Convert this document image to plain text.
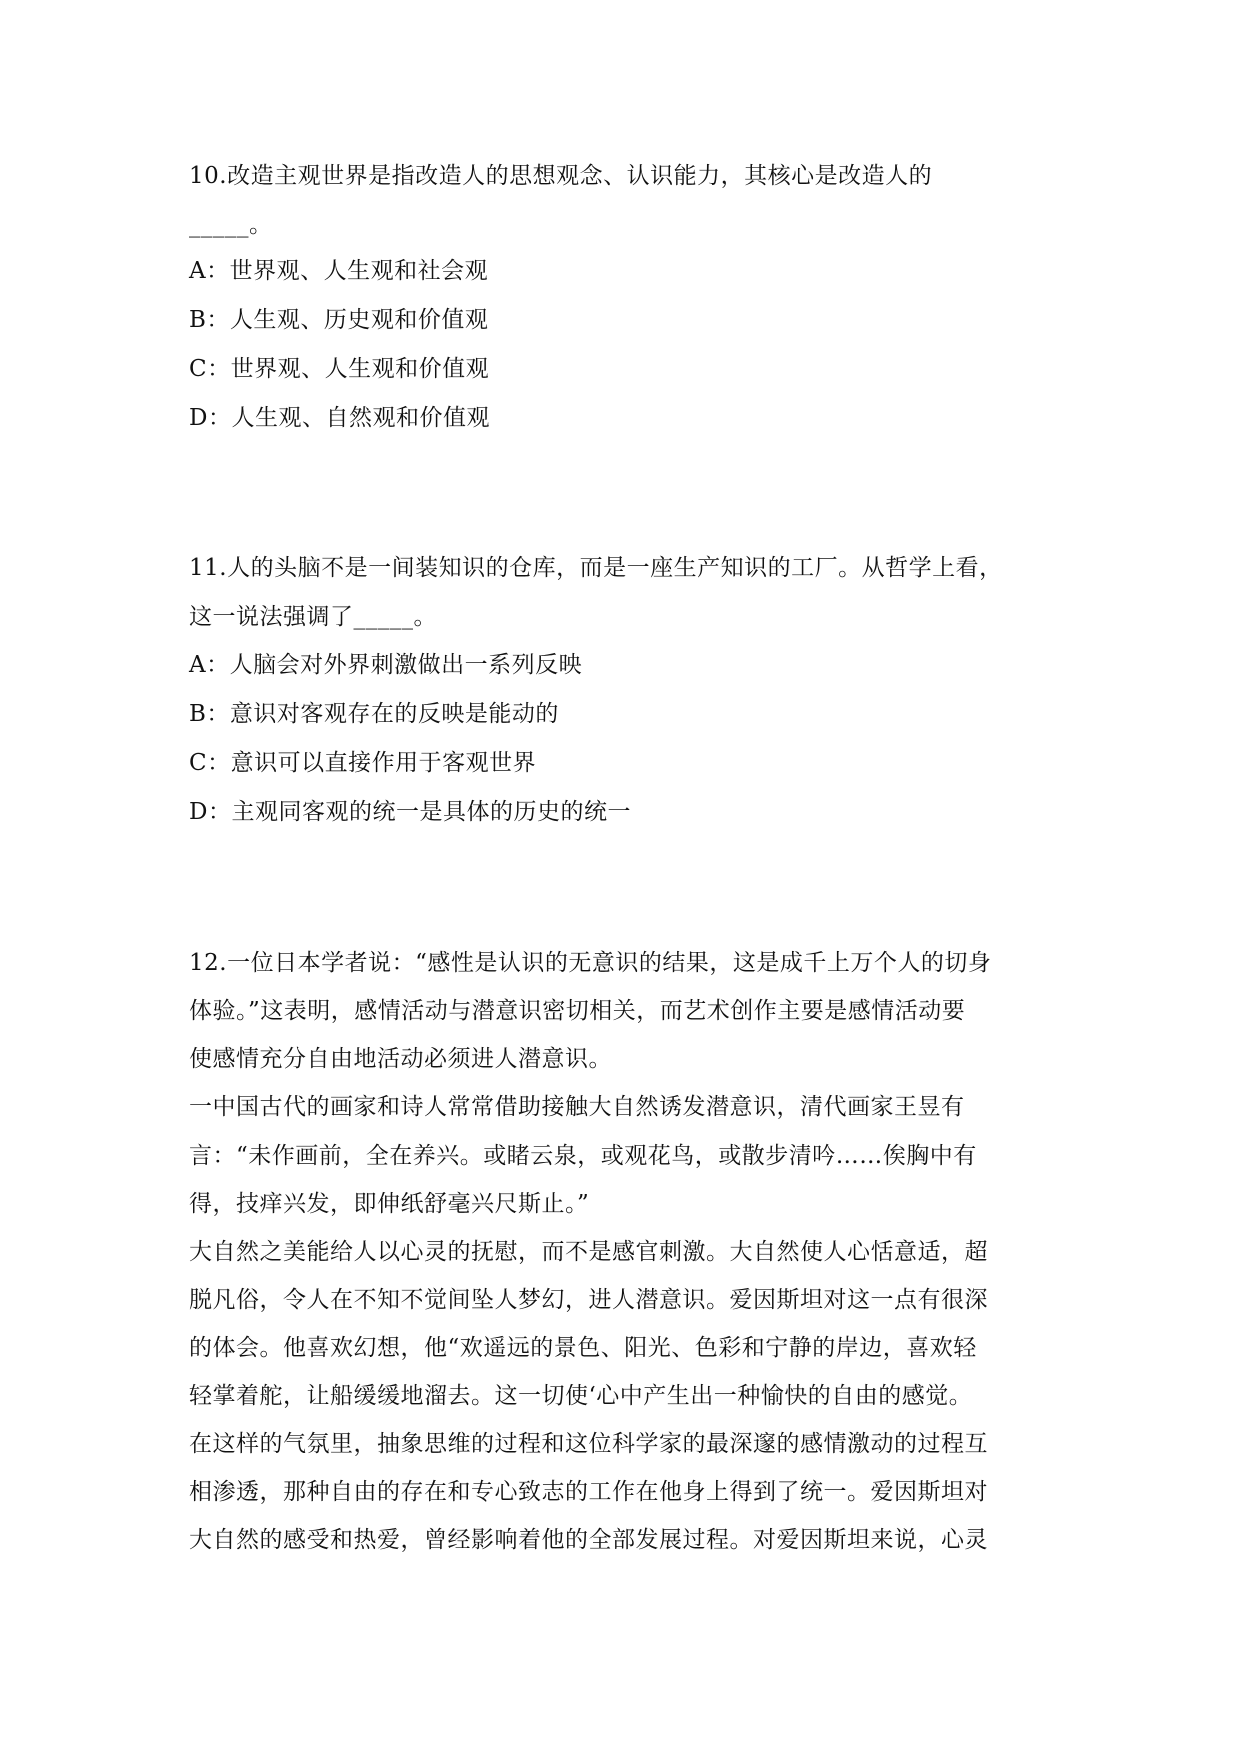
10.改造主观世界是指改造人的思想观念、认识能力，其核心是改造人的
_____。
A：世界观、人生观和社会观
B：人生观、历史观和价值观
C：世界观、人生观和价值观
D：人生观、自然观和价值观
11.人的头脑不是一间装知识的仓库，而是一座生产知识的工厂。从哲学上看，
这一说法强调了_____。
A：人脑会对外界刺激做出一系列反映
B：意识对客观存在的反映是能动的
C：意识可以直接作用于客观世界
D：主观同客观的统一是具体的历史的统一
12.一位日本学者说：“感性是认识的无意识的结果，这是成千上万个人的切身
体验。”这表明，感情活动与潜意识密切相关，而艺术创作主要是感情活动要
使感情充分自由地活动必须进人潜意识。
一中国古代的画家和诗人常常借助接触大自然诱发潜意识，清代画家王昱有
言：“未作画前，全在养兴。或睹云泉，或观花鸟，或散步清吟……俟胸中有
得，技痒兴发，即伸纸舒毫兴尺斯止。”
大自然之美能给人以心灵的抚慰，而不是感官刺激。大自然使人心恬意适，超
脱凡俗，令人在不知不觉间坠人梦幻，进人潜意识。爱因斯坦对这一点有很深
的体会。他喜欢幻想，他“欢遥远的景色、阳光、色彩和宁静的岸边，喜欢轻
轻掌着舵，让船缓缓地溜去。这一切使‘心中产生出一种愉快的自由的感觉。
在这样的气氛里，抽象思维的过程和这位科学家的最深邃的感情激动的过程互
相渗透，那种自由的存在和专心致志的工作在他身上得到了统一。爱因斯坦对
大自然的感受和热爱，曾经影响着他的全部发展过程。对爱因斯坦来说，心灵
